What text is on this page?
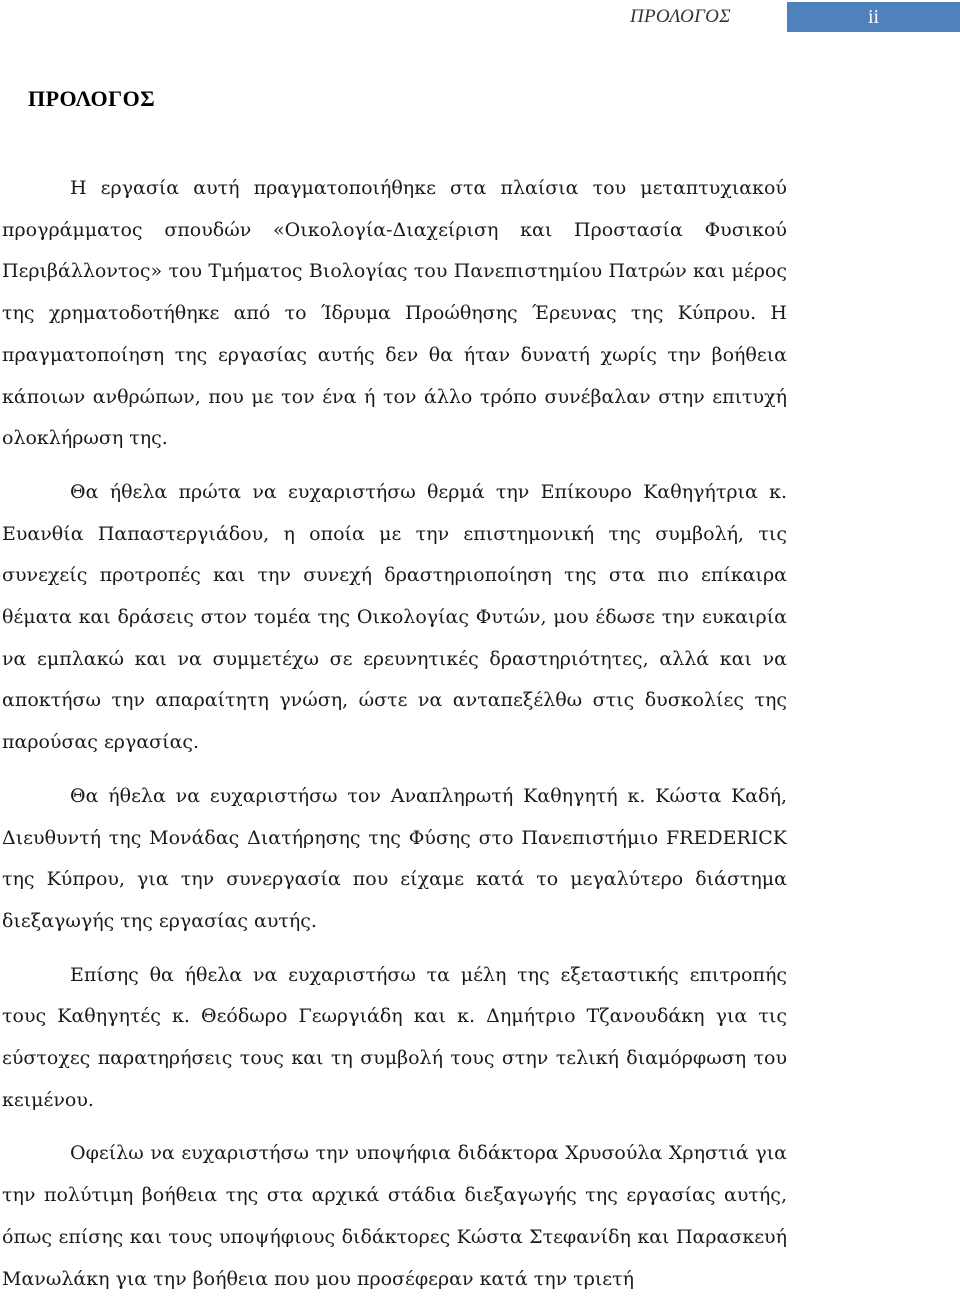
ΠΡΟΛΟΓΟΣ	ii
ΠΡΟΛΟΓΟΣ

Η εργασία αυτή πραγματοποιήθηκε στα πλαίσια του μεταπτυχιακού προγράμματος σπουδών «Οικολογία-Διαχείριση και Προστασία Φυσικού Περιβάλλοντος» του Τμήματος Βιολογίας του Πανεπιστημίου Πατρών και μέρος της χρηματοδοτήθηκε από το Ίδρυμα Προώθησης Έρευνας της Κύπρου. Η πραγματοποίηση της εργασίας αυτής δεν θα ήταν δυνατή χωρίς την βοήθεια κάποιων ανθρώπων, που με τον ένα ή τον άλλο τρόπο συνέβαλαν στην επιτυχή ολοκλήρωση της.

Θα ήθελα πρώτα να ευχαριστήσω θερμά την Επίκουρο Καθηγήτρια κ. Ευανθία Παπαστεργιάδου, η οποία με την επιστημονική της συμβολή, τις συνεχείς προτροπές και την συνεχή δραστηριοποίηση της στα πιο επίκαιρα θέματα και δράσεις στον τομέα της Οικολογίας Φυτών, μου έδωσε την ευκαιρία να εμπλακώ και να συμμετέχω σε ερευνητικές δραστηριότητες, αλλά και να αποκτήσω την απαραίτητη γνώση, ώστε να ανταπεξέλθω στις δυσκολίες της παρούσας εργασίας.

Θα ήθελα να ευχαριστήσω τον Αναπληρωτή Καθηγητή κ. Κώστα Καδή, Διευθυντή της Μονάδας Διατήρησης της Φύσης στο Πανεπιστήμιο FREDERICK της Κύπρου, για την συνεργασία που είχαμε κατά το μεγαλύτερο διάστημα διεξαγωγής της εργασίας αυτής.

Επίσης θα ήθελα να ευχαριστήσω τα μέλη της εξεταστικής επιτροπής τους Καθηγητές κ. Θεόδωρο Γεωργιάδη και κ. Δημήτριο Τζανουδάκη για τις εύστοχες παρατηρήσεις τους και τη συμβολή τους στην τελική διαμόρφωση του κειμένου.

Οφείλω να ευχαριστήσω την υποψήφια διδάκτορα Χρυσούλα Χρηστιά για την πολύτιμη βοήθεια της στα αρχικά στάδια διεξαγωγής της εργασίας αυτής, όπως επίσης και τους υποψήφιους διδάκτορες Κώστα Στεφανίδη και Παρασκευή Μανωλάκη για την βοήθεια που μου προσέφεραν κατά την τριετή
